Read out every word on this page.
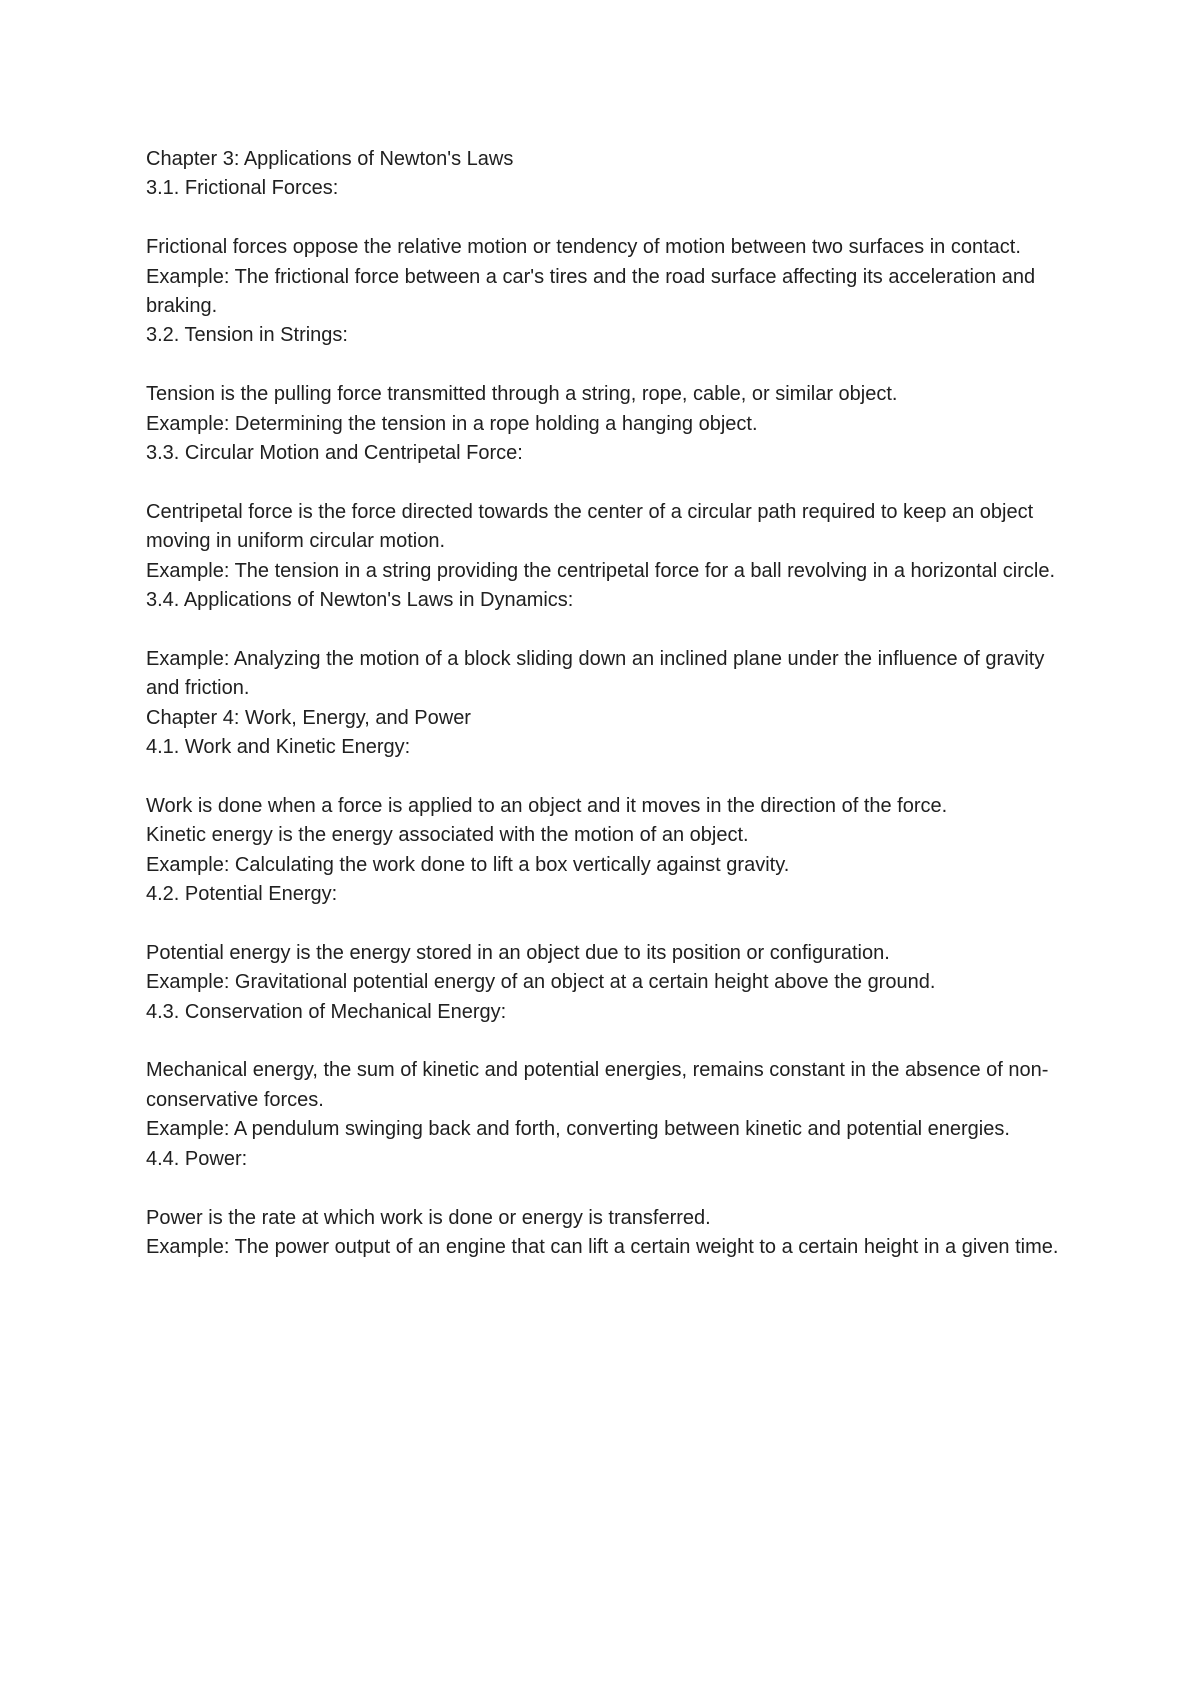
Chapter 3: Applications of Newton's Laws

3.1. Frictional Forces:

Frictional forces oppose the relative motion or tendency of motion between two surfaces in contact.

Example: The frictional force between a car's tires and the road surface affecting its acceleration and braking.

3.2. Tension in Strings:

Tension is the pulling force transmitted through a string, rope, cable, or similar object.

Example: Determining the tension in a rope holding a hanging object.

3.3. Circular Motion and Centripetal Force:

Centripetal force is the force directed towards the center of a circular path required to keep an object moving in uniform circular motion.

Example: The tension in a string providing the centripetal force for a ball revolving in a horizontal circle.

3.4. Applications of Newton's Laws in Dynamics:

Example: Analyzing the motion of a block sliding down an inclined plane under the influence of gravity and friction.

Chapter 4: Work, Energy, and Power

4.1. Work and Kinetic Energy:

Work is done when a force is applied to an object and it moves in the direction of the force.

Kinetic energy is the energy associated with the motion of an object.

Example: Calculating the work done to lift a box vertically against gravity.

4.2. Potential Energy:

Potential energy is the energy stored in an object due to its position or configuration.

Example: Gravitational potential energy of an object at a certain height above the ground.

4.3. Conservation of Mechanical Energy:

Mechanical energy, the sum of kinetic and potential energies, remains constant in the absence of non-conservative forces.

Example: A pendulum swinging back and forth, converting between kinetic and potential energies.

4.4. Power:

Power is the rate at which work is done or energy is transferred.

Example: The power output of an engine that can lift a certain weight to a certain height in a given time.
